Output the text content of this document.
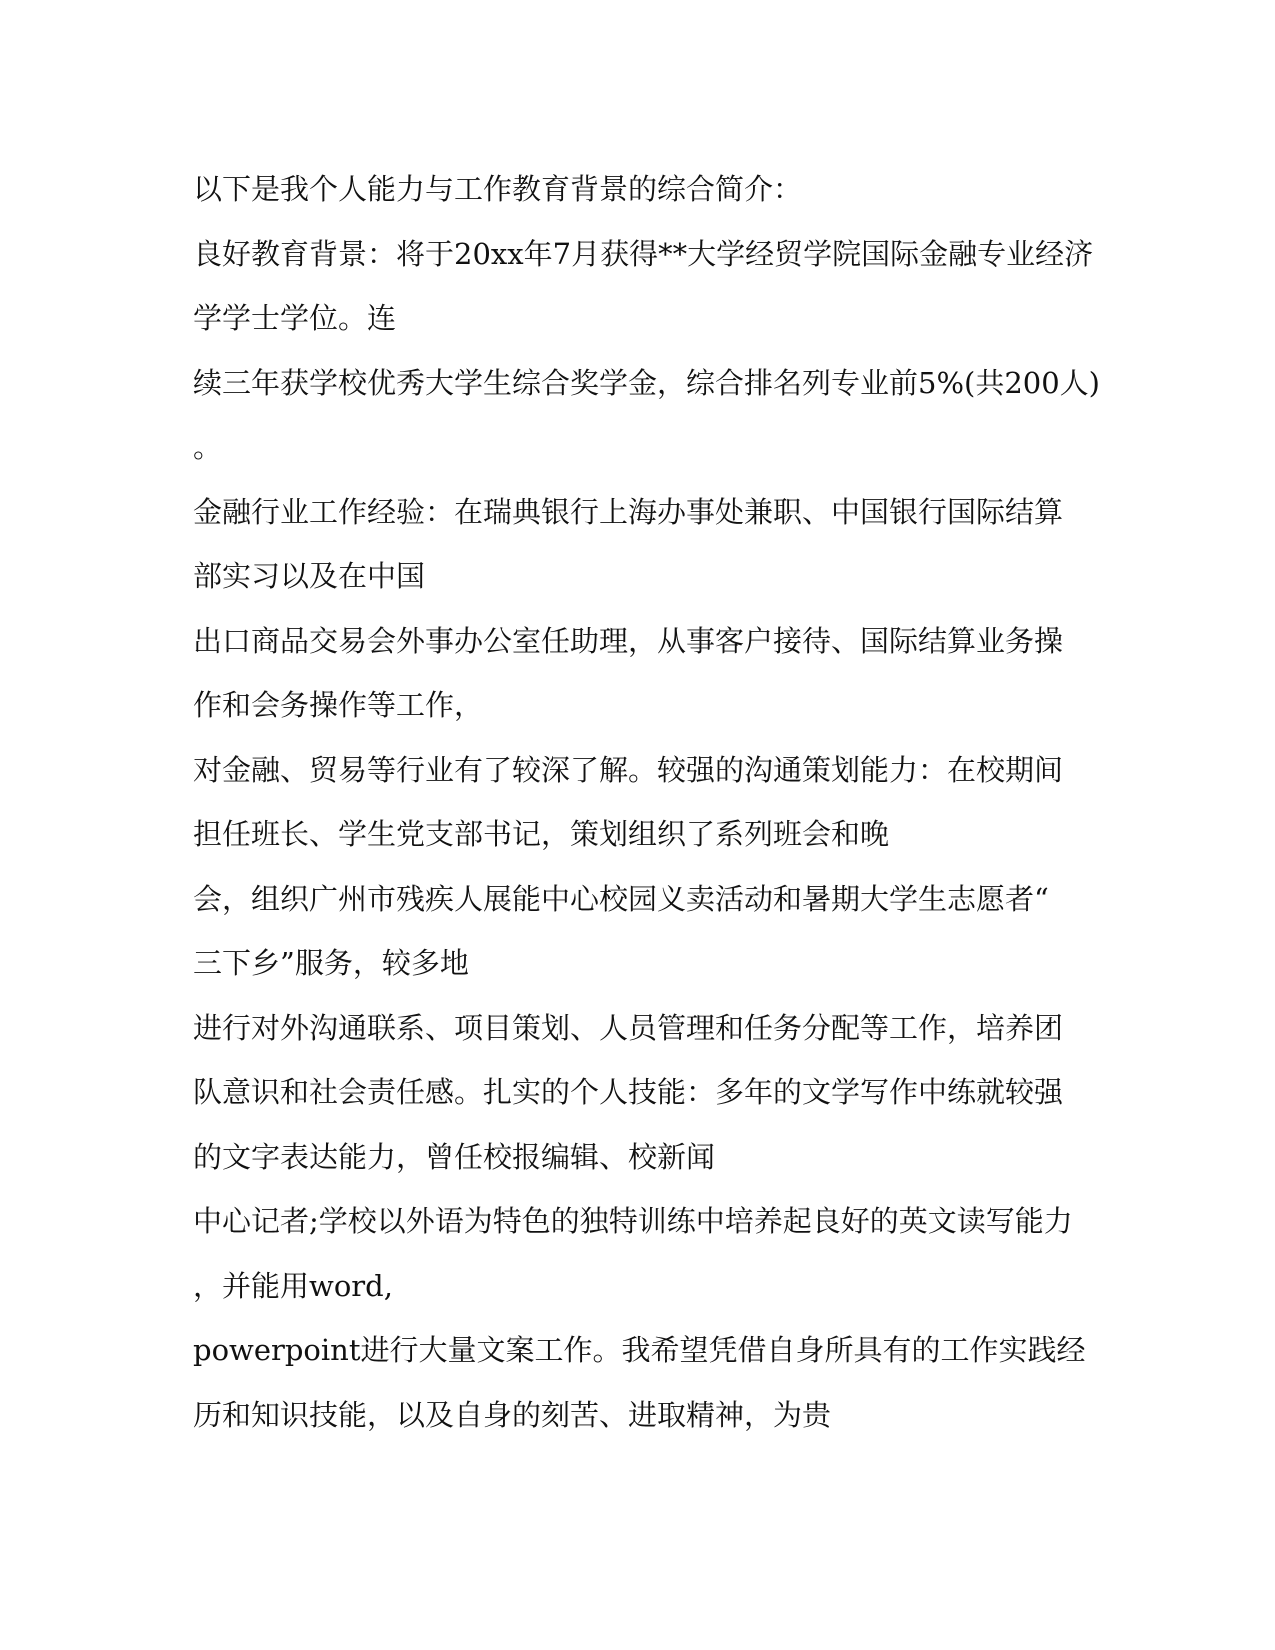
以下是我个人能力与工作教育背景的综合简介：
良好教育背景：将于20xx年7月获得**大学经贸学院国际金融专业经济
学学士学位。连
续三年获学校优秀大学生综合奖学金，综合排名列专业前5%(共200人)
。
金融行业工作经验：在瑞典银行上海办事处兼职、中国银行国际结算
部实习以及在中国
出口商品交易会外事办公室任助理，从事客户接待、国际结算业务操
作和会务操作等工作，
对金融、贸易等行业有了较深了解。较强的沟通策划能力：在校期间
担任班长、学生党支部书记，策划组织了系列班会和晚
会，组织广州市残疾人展能中心校园义卖活动和暑期大学生志愿者“
三下乡”服务，较多地
进行对外沟通联系、项目策划、人员管理和任务分配等工作，培养团
队意识和社会责任感。扎实的个人技能：多年的文学写作中练就较强
的文字表达能力，曾任校报编辑、校新闻
中心记者;学校以外语为特色的独特训练中培养起良好的英文读写能力
，并能用word,
powerpoint进行大量文案工作。我希望凭借自身所具有的工作实践经
历和知识技能，以及自身的刻苦、进取精神，为贵
